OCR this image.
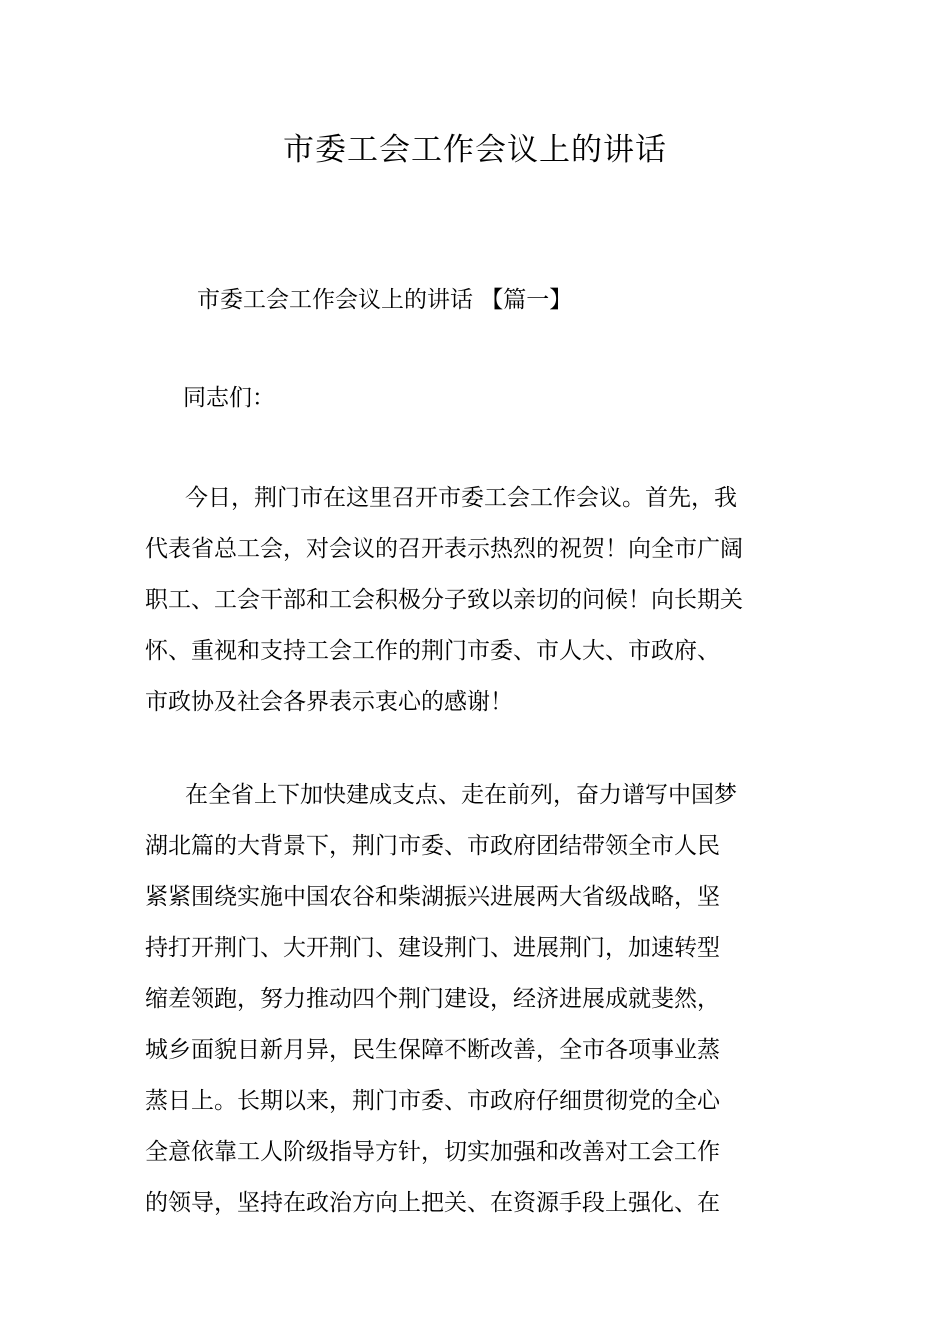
市委工会工作会议上的讲话
市委工会工作会议上的讲话 【篇一】
同志们：

今日，荆门市在这里召开市委工会工作会议。首先，我
代表省总工会，对会议的召开表示热烈的祝贺！向全市广阔
职工、工会干部和工会积极分子致以亲切的问候！向长期关
怀、重视和支持工会工作的荆门市委、市人大、市政府、
市政协及社会各界表示衷心的感谢！

在全省上下加快建成支点、走在前列，奋力谱写中国梦
湖北篇的大背景下，荆门市委、市政府团结带领全市人民
紧紧围绕实施中国农谷和柴湖振兴进展两大省级战略，坚
持打开荆门、大开荆门、建设荆门、进展荆门，加速转型
缩差领跑，努力推动四个荆门建设，经济进展成就斐然，
城乡面貌日新月异，民生保障不断改善，全市各项事业蒸
蒸日上。长期以来，荆门市委、市政府仔细贯彻党的全心
全意依靠工人阶级指导方针，切实加强和改善对工会工作
的领导，坚持在政治方向上把关、在资源手段上强化、在
